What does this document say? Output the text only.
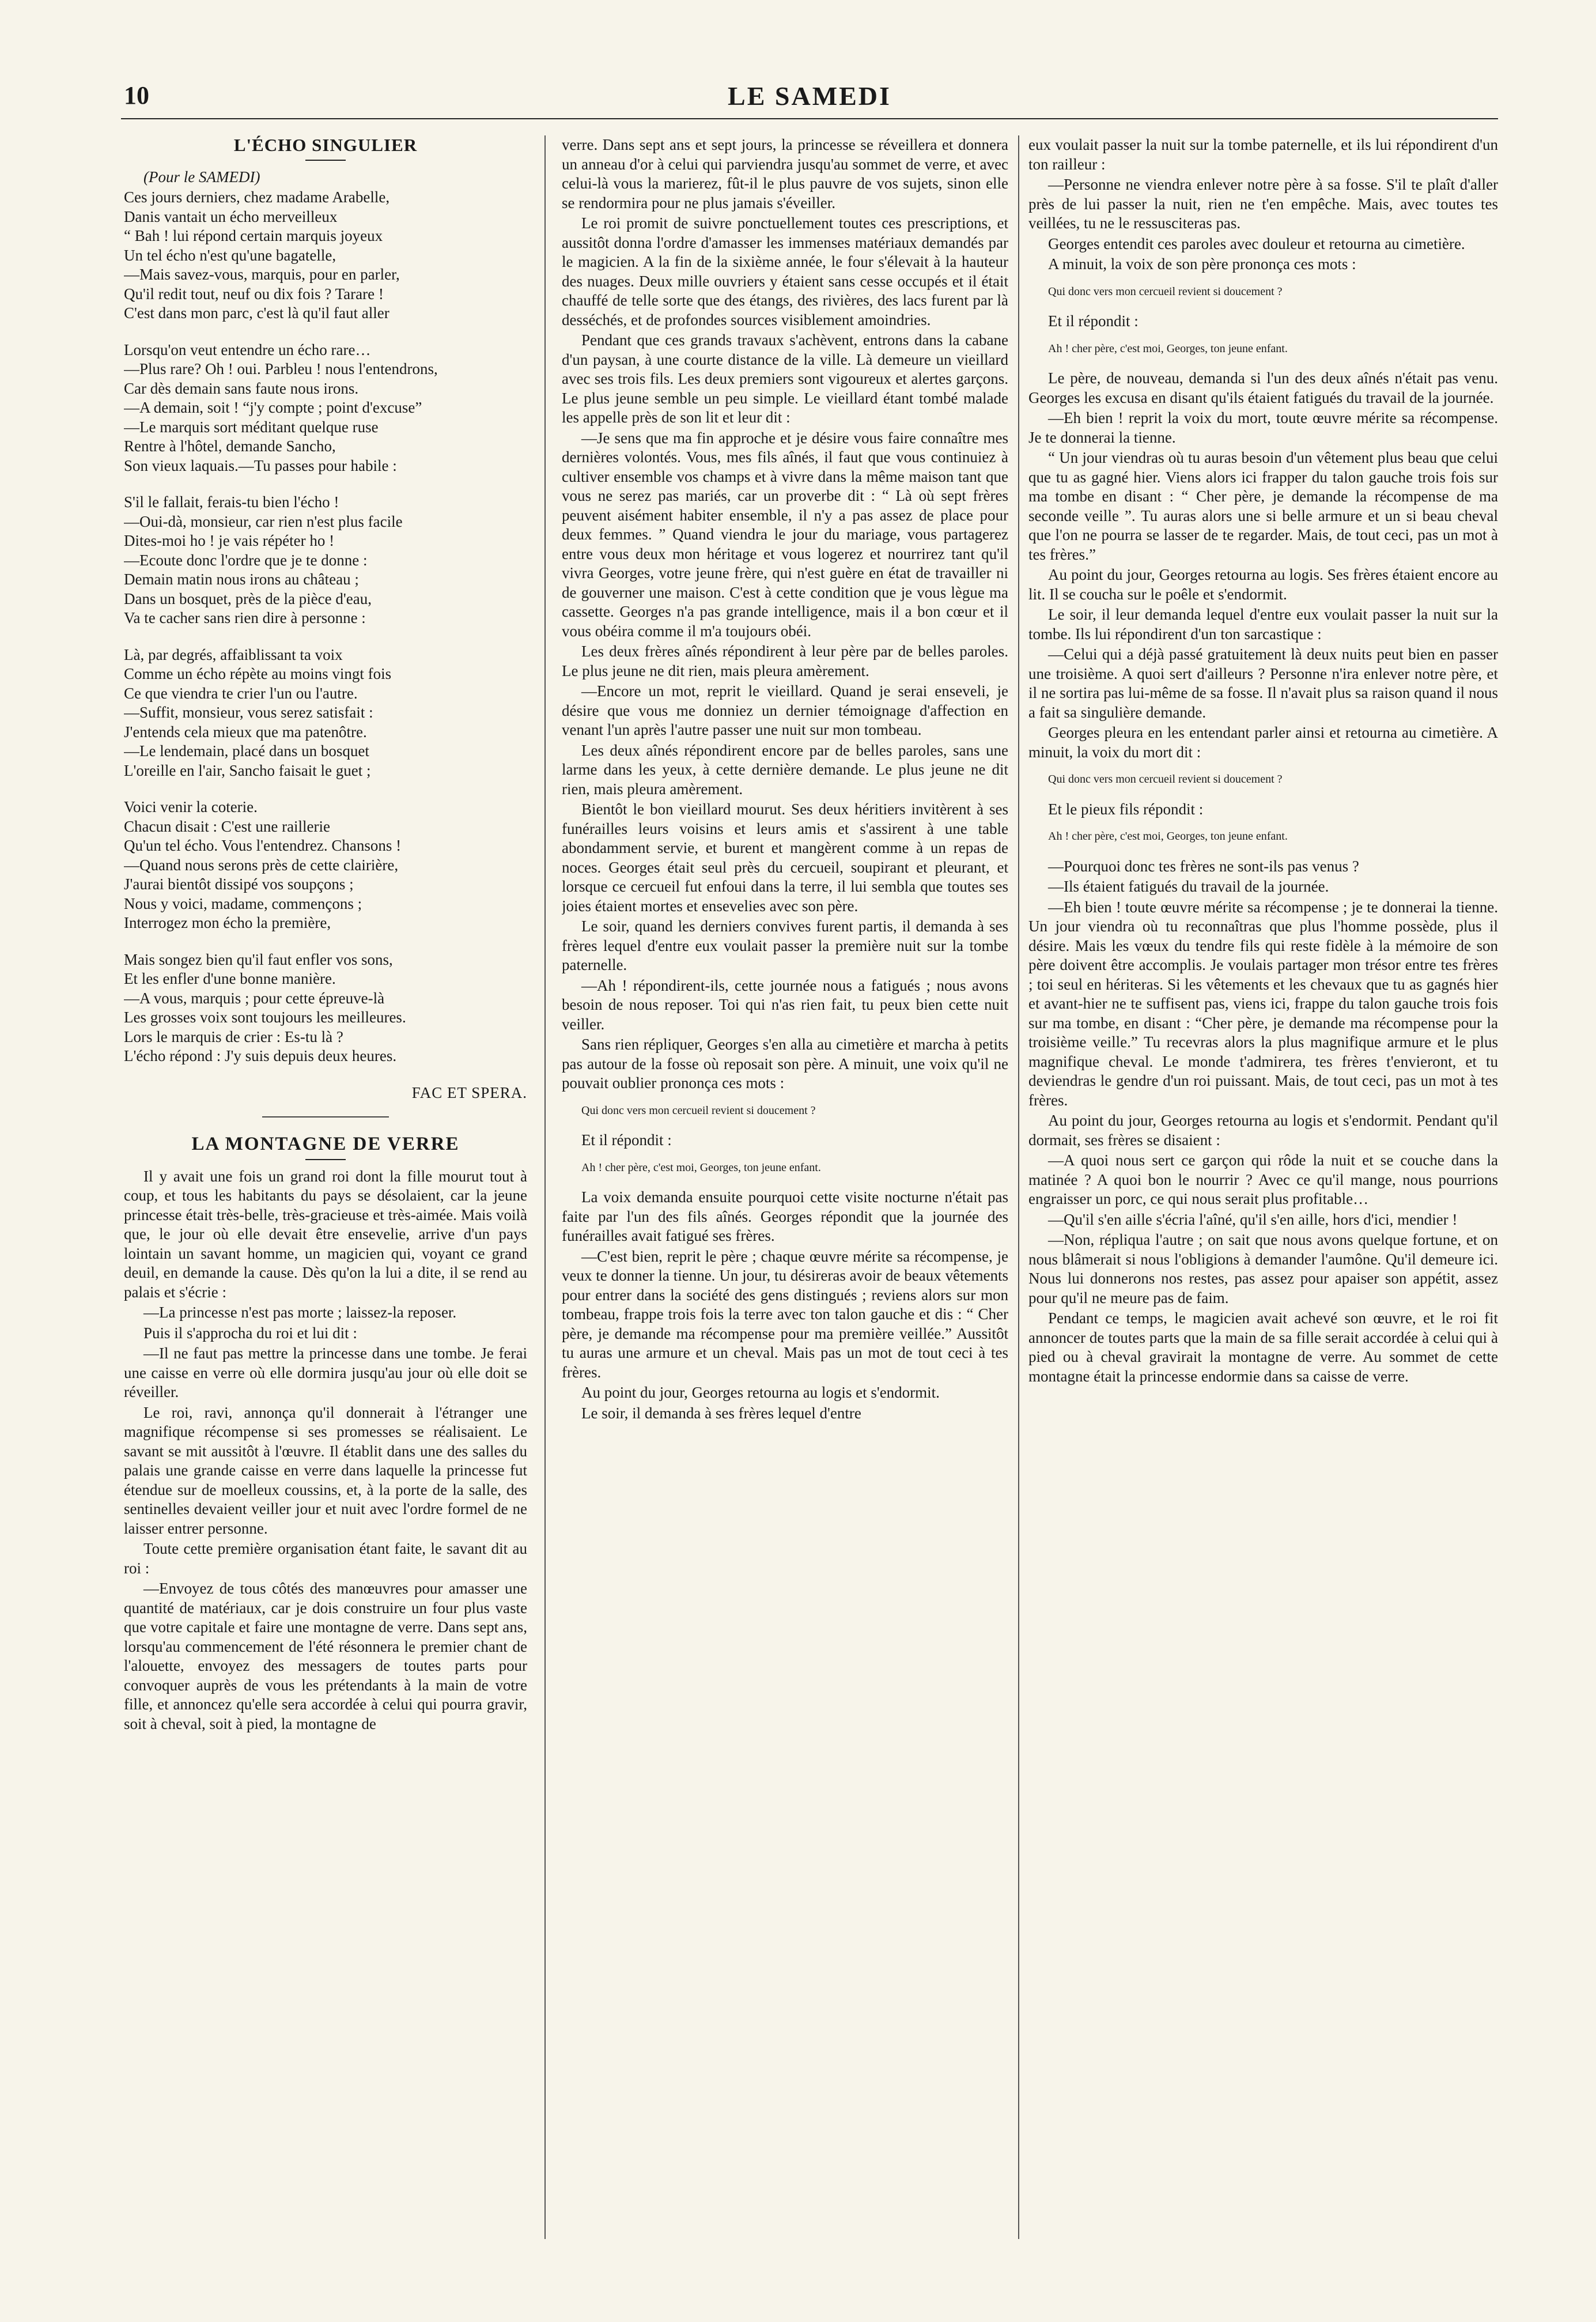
10	LE SAMEDI
L'ÉCHO SINGULIER

(Pour le SAMEDI)

Ces jours derniers, chez madame Arabelle,
Danis vantait un écho merveilleux
“ Bah ! lui répond certain marquis joyeux
Un tel écho n'est qu'une bagatelle,
—Mais savez-vous, marquis, pour en parler,
Qu'il redit tout, neuf ou dix fois ? Tarare !
C'est dans mon parc, c'est là qu'il faut aller
Lorsqu'on veut entendre un écho rare…
—Plus rare? Oh ! oui. Parbleu ! nous l'entendrons,
Car dès demain sans faute nous irons.
—A demain, soit ! “j'y compte ; point d'excuse”
—Le marquis sort méditant quelque ruse
Rentre à l'hôtel, demande Sancho,
Son vieux laquais.—Tu passes pour habile :
S'il le fallait, ferais-tu bien l'écho !
—Oui-dà, monsieur, car rien n'est plus facile
Dites-moi ho ! je vais répéter ho !
—Ecoute donc l'ordre que je te donne :
Demain matin nous irons au château ;
Dans un bosquet, près de la pièce d'eau,
Va te cacher sans rien dire à personne :
Là, par degrés, affaiblissant ta voix
Comme un écho répète au moins vingt fois
Ce que viendra te crier l'un ou l'autre.
—Suffit, monsieur, vous serez satisfait :
J'entends cela mieux que ma patenôtre.
—Le lendemain, placé dans un bosquet
L'oreille en l'air, Sancho faisait le guet ;
Voici venir la coterie.
Chacun disait : C'est une raillerie
Qu'un tel écho. Vous l'entendrez. Chansons !
—Quand nous serons près de cette clairière,
J'aurai bientôt dissipé vos soupçons ;
Nous y voici, madame, commençons ;
Interrogez mon écho la première,
Mais songez bien qu'il faut enfler vos sons,
Et les enfler d'une bonne manière.
—A vous, marquis ; pour cette épreuve-là
Les grosses voix sont toujours les meilleures.
Lors le marquis de crier : Es-tu là ?
L'écho répond : J'y suis depuis deux heures.
FAC ET SPERA.
LA MONTAGNE DE VERRE

Il y avait une fois un grand roi dont la fille mourut tout à coup, et tous les habitants du pays se désolaient, car la jeune princesse était très-belle, très-gracieuse et très-aimée. Mais voilà que, le jour où elle devait être ensevelie, arrive d'un pays lointain un savant homme, un magicien qui, voyant ce grand deuil, en demande la cause. Dès qu'on la lui a dite, il se rend au palais et s'écrie :

—La princesse n'est pas morte ; laissez-la reposer.

Puis il s'approcha du roi et lui dit :

—Il ne faut pas mettre la princesse dans une tombe. Je ferai une caisse en verre où elle dormira jusqu'au jour où elle doit se réveiller.

Le roi, ravi, annonça qu'il donnerait à l'étranger une magnifique récompense si ses promesses se réalisaient. Le savant se mit aussitôt à l'œuvre. Il établit dans une des salles du palais une grande caisse en verre dans laquelle la princesse fut étendue sur de moelleux coussins, et, à la porte de la salle, des sentinelles devaient veiller jour et nuit avec l'ordre formel de ne laisser entrer personne.

Toute cette première organisation étant faite, le savant dit au roi :

—Envoyez de tous côtés des manœuvres pour amasser une quantité de matériaux, car je dois construire un four plus vaste que votre capitale et faire une montagne de verre. Dans sept ans, lorsqu'au commencement de l'été résonnera le premier chant de l'alouette, envoyez des messagers de toutes parts pour convoquer auprès de vous les prétendants à la main de votre fille, et annoncez qu'elle sera accordée à celui qui pourra gravir, soit à cheval, soit à pied, la montagne de

verre. Dans sept ans et sept jours, la princesse se réveillera et donnera un anneau d'or à celui qui parviendra jusqu'au sommet de verre, et avec celui-là vous la marierez, fût-il le plus pauvre de vos sujets, sinon elle se rendormira pour ne plus jamais s'éveiller.

Le roi promit de suivre ponctuellement toutes ces prescriptions, et aussitôt donna l'ordre d'amasser les immenses matériaux demandés par le magicien. A la fin de la sixième année, le four s'élevait à la hauteur des nuages. Deux mille ouvriers y étaient sans cesse occupés et il était chauffé de telle sorte que des étangs, des rivières, des lacs furent par là desséchés, et de profondes sources visiblement amoindries.

Pendant que ces grands travaux s'achèvent, entrons dans la cabane d'un paysan, à une courte distance de la ville. Là demeure un vieillard avec ses trois fils. Les deux premiers sont vigoureux et alertes garçons. Le plus jeune semble un peu simple. Le vieillard étant tombé malade les appelle près de son lit et leur dit :

—Je sens que ma fin approche et je désire vous faire connaître mes dernières volontés. Vous, mes fils aînés, il faut que vous continuiez à cultiver ensemble vos champs et à vivre dans la même maison tant que vous ne serez pas mariés, car un proverbe dit : “ Là où sept frères peuvent aisément habiter ensemble, il n'y a pas assez de place pour deux femmes. ” Quand viendra le jour du mariage, vous partagerez entre vous deux mon héritage et vous logerez et nourrirez tant qu'il vivra Georges, votre jeune frère, qui n'est guère en état de travailler ni de gouverner une maison. C'est à cette condition que je vous lègue ma cassette. Georges n'a pas grande intelligence, mais il a bon cœur et il vous obéira comme il m'a toujours obéi.

Les deux frères aînés répondirent à leur père par de belles paroles. Le plus jeune ne dit rien, mais pleura amèrement.

—Encore un mot, reprit le vieillard. Quand je serai enseveli, je désire que vous me donniez un dernier témoignage d'affection en venant l'un après l'autre passer une nuit sur mon tombeau.

Les deux aînés répondirent encore par de belles paroles, sans une larme dans les yeux, à cette dernière demande. Le plus jeune ne dit rien, mais pleura amèrement.

Bientôt le bon vieillard mourut. Ses deux héritiers invitèrent à ses funérailles leurs voisins et leurs amis et s'assirent à une table abondamment servie, et burent et mangèrent comme à un repas de noces. Georges était seul près du cercueil, soupirant et pleurant, et lorsque ce cercueil fut enfoui dans la terre, il lui sembla que toutes ses joies étaient mortes et ensevelies avec son père.

Le soir, quand les derniers convives furent partis, il demanda à ses frères lequel d'entre eux voulait passer la première nuit sur la tombe paternelle.

—Ah ! répondirent-ils, cette journée nous a fatigués ; nous avons besoin de nous reposer. Toi qui n'as rien fait, tu peux bien cette nuit veiller.

Sans rien répliquer, Georges s'en alla au cimetière et marcha à petits pas autour de la fosse où reposait son père. A minuit, une voix qu'il ne pouvait oublier prononça ces mots :

Qui donc vers mon cercueil revient si doucement ?

Et il répondit :

Ah ! cher père, c'est moi, Georges, ton jeune enfant.

La voix demanda ensuite pourquoi cette visite nocturne n'était pas faite par l'un des fils aînés. Georges répondit que la journée des funérailles avait fatigué ses frères.

—C'est bien, reprit le père ; chaque œuvre mérite sa récompense, je veux te donner la tienne. Un jour, tu désireras avoir de beaux vêtements pour entrer dans la société des gens distingués ; reviens alors sur mon tombeau, frappe trois fois la terre avec ton talon gauche et dis : “ Cher père, je demande ma récompense pour ma première veillée.” Aussitôt tu auras une armure et un cheval. Mais pas un mot de tout ceci à tes frères.

Au point du jour, Georges retourna au logis et s'endormit.

Le soir, il demanda à ses frères lequel d'entre

eux voulait passer la nuit sur la tombe paternelle, et ils lui répondirent d'un ton railleur :

—Personne ne viendra enlever notre père à sa fosse. S'il te plaît d'aller près de lui passer la nuit, rien ne t'en empêche. Mais, avec toutes tes veillées, tu ne le ressusciteras pas.

Georges entendit ces paroles avec douleur et retourna au cimetière.

A minuit, la voix de son père prononça ces mots :

Qui donc vers mon cercueil revient si doucement ?

Et il répondit :

Ah ! cher père, c'est moi, Georges, ton jeune enfant.

Le père, de nouveau, demanda si l'un des deux aînés n'était pas venu. Georges les excusa en disant qu'ils étaient fatigués du travail de la journée.

—Eh bien ! reprit la voix du mort, toute œuvre mérite sa récompense. Je te donnerai la tienne.

“ Un jour viendras où tu auras besoin d'un vêtement plus beau que celui que tu as gagné hier. Viens alors ici frapper du talon gauche trois fois sur ma tombe en disant : “ Cher père, je demande la récompense de ma seconde veille ”. Tu auras alors une si belle armure et un si beau cheval que l'on ne pourra se lasser de te regarder. Mais, de tout ceci, pas un mot à tes frères.”

Au point du jour, Georges retourna au logis. Ses frères étaient encore au lit. Il se coucha sur le poêle et s'endormit.

Le soir, il leur demanda lequel d'entre eux voulait passer la nuit sur la tombe. Ils lui répondirent d'un ton sarcastique :

—Celui qui a déjà passé gratuitement là deux nuits peut bien en passer une troisième. A quoi sert d'ailleurs ? Personne n'ira enlever notre père, et il ne sortira pas lui-même de sa fosse. Il n'avait plus sa raison quand il nous a fait sa singulière demande.

Georges pleura en les entendant parler ainsi et retourna au cimetière. A minuit, la voix du mort dit :

Qui donc vers mon cercueil revient si doucement ?

Et le pieux fils répondit :

Ah ! cher père, c'est moi, Georges, ton jeune enfant.

—Pourquoi donc tes frères ne sont-ils pas venus ?

—Ils étaient fatigués du travail de la journée.

—Eh bien ! toute œuvre mérite sa récompense ; je te donnerai la tienne. Un jour viendra où tu reconnaîtras que plus l'homme possède, plus il désire. Mais les vœux du tendre fils qui reste fidèle à la mémoire de son père doivent être accomplis. Je voulais partager mon trésor entre tes frères ; toi seul en hériteras. Si les vêtements et les chevaux que tu as gagnés hier et avant-hier ne te suffisent pas, viens ici, frappe du talon gauche trois fois sur ma tombe, en disant : “Cher père, je demande ma récompense pour la troisième veille.” Tu recevras alors la plus magnifique armure et le plus magnifique cheval. Le monde t'admirera, tes frères t'envieront, et tu deviendras le gendre d'un roi puissant. Mais, de tout ceci, pas un mot à tes frères.

Au point du jour, Georges retourna au logis et s'endormit. Pendant qu'il dormait, ses frères se disaient :

—A quoi nous sert ce garçon qui rôde la nuit et se couche dans la matinée ? A quoi bon le nourrir ? Avec ce qu'il mange, nous pourrions engraisser un porc, ce qui nous serait plus profitable…

—Qu'il s'en aille s'écria l'aîné, qu'il s'en aille, hors d'ici, mendier !

—Non, répliqua l'autre ; on sait que nous avons quelque fortune, et on nous blâmerait si nous l'obligions à demander l'aumône. Qu'il demeure ici. Nous lui donnerons nos restes, pas assez pour apaiser son appétit, assez pour qu'il ne meure pas de faim.

Pendant ce temps, le magicien avait achevé son œuvre, et le roi fit annoncer de toutes parts que la main de sa fille serait accordée à celui qui à pied ou à cheval gravirait la montagne de verre. Au sommet de cette montagne était la princesse endormie dans sa caisse de verre.
